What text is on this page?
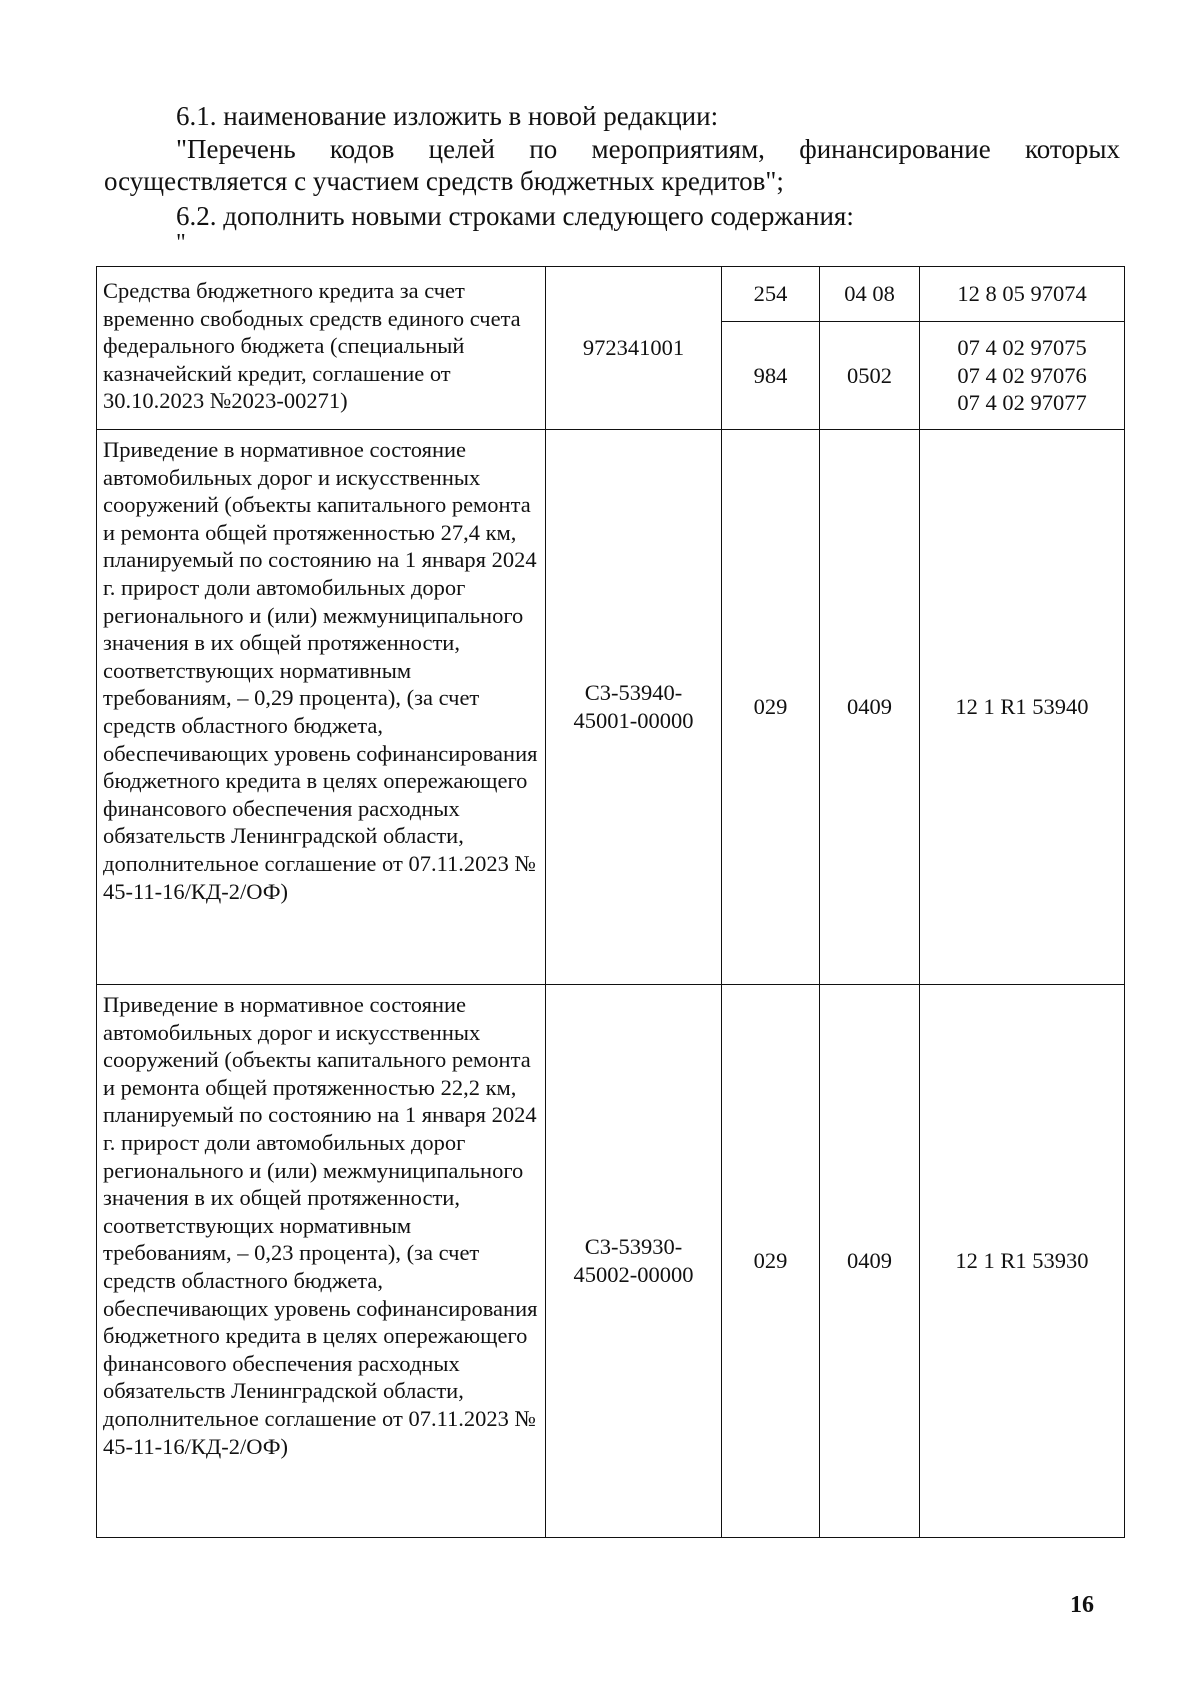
6.1. наименование изложить в новой редакции:

"Перечень кодов целей по мероприятиям, финансирование которых

осуществляется с участием средств бюджетных кредитов";

6.2. дополнить новыми строками следующего содержания:

"

Средства бюджетного кредита за счет временно свободных средств единого счета федерального бюджета (специальный казначейский кредит, соглашение от 30.10.2023 №2023-00271)	972341001	254	04 08	12 8 05 97074
		984	0502	07 4 02 97075
07 4 02 97076
07 4 02 97077

Приведение в нормативное состояние автомобильных дорог и искусственных сооружений (объекты капитального ремонта и ремонта общей протяженностью 27,4 км, планируемый по состоянию на 1 января 2024 г. прирост доли автомобильных дорог регионального и (или) межмуниципального значения в их общей протяженности, соответствующих нормативным требованиям, – 0,29 процента), (за счет средств областного бюджета, обеспечивающих уровень софинансирования бюджетного кредита в целях опережающего финансового обеспечения расходных обязательств Ленинградской области, дополнительное соглашение от 07.11.2023 № 45-11-16/КД-2/ОФ)	С3-53940-
45001-00000	029	0409	12 1 R1 53940
Приведение в нормативное состояние автомобильных дорог и искусственных сооружений (объекты капитального ремонта и ремонта общей протяженностью 22,2 км, планируемый по состоянию на 1 января 2024 г. прирост доли автомобильных дорог регионального и (или) межмуниципального значения в их общей протяженности, соответствующих нормативным требованиям, – 0,23 процента), (за счет средств областного бюджета, обеспечивающих уровень софинансирования бюджетного кредита в целях опережающего финансового обеспечения расходных обязательств Ленинградской области, дополнительное соглашение от 07.11.2023 № 45-11-16/КД-2/ОФ)	С3-53930-
45002-00000	029	0409	12 1 R1 53930
16
